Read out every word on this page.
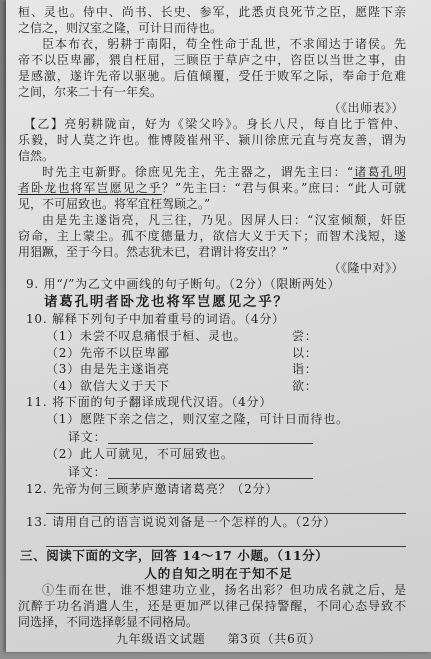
桓、灵也。侍中、尚书、长史、参军，此悉贞良死节之臣，愿陛下亲
之信之，则汉室之隆，可计日而待也。
臣本布衣，躬耕于南阳，苟全性命于乱世，不求闻达于诸侯。先
帝不以臣卑鄙，猥自枉屈，三顾臣于草庐之中，咨臣以当世之事，由
是感激，遂许先帝以驱驰。后值倾覆，受任于败军之际，奉命于危难
之间，尔来二十有一年矣。
（《出师表》）
【乙】亮躬耕陇亩，好为《梁父吟》。身长八尺，每自比于管仲、
乐毅，时人莫之许也。惟博陵崔州平、颍川徐庶元直与亮友善，谓为
信然。
时先主屯新野。徐庶见先主，先主器之，谓先主曰：“诸葛孔明
者卧龙也将军岂愿见之乎？”先主曰：“君与俱来。”庶曰：“此人可就
见，不可屈致也。将军宜枉驾顾之。”
由是先主遂诣亮，凡三往，乃见。因屏人曰：“汉室倾颓，奸臣
窃命，主上蒙尘。孤不度德量力，欲信大义于天下；而智术浅短，遂
用猖蹶，至于今日。然志犹未已，君谓计将安出？”
（《隆中对》）
9. 用“/”为乙文中画线的句子断句。（2分）（限断两处）
诸葛孔明者卧龙也将军岂愿见之乎？
10. 解释下列句子中加着重号的词语。（4分）
（1）未尝不叹息痛恨于桓、灵也。	尝：
（2）先帝不以臣卑鄙	以：
（3）由是先主遂诣亮	诣：
（4）欲信大义于天下	欲：
11. 将下面的句子翻译成现代汉语。（4分）
（1）愿陛下亲之信之，则汉室之隆，可计日而待也。
译文：
（2）此人可就见，不可屈致也。
译文：
12. 先帝为何三顾茅庐邀请诸葛亮？（2分）
13. 请用自己的语言说说刘备是一个怎样的人。（2分）
三、阅读下面的文字，回答 14～17 小题。（11分）
人的自知之明在于知不足
①生而在世，谁不想建功立业，扬名出彩？但功成名就之后，是
沉醉于功名消遣人生，还是更加严以律己保持警醒，不同心态导致不
同选择，不同选择彰显不同格局。
九年级语文试题 第3页（共6页）
